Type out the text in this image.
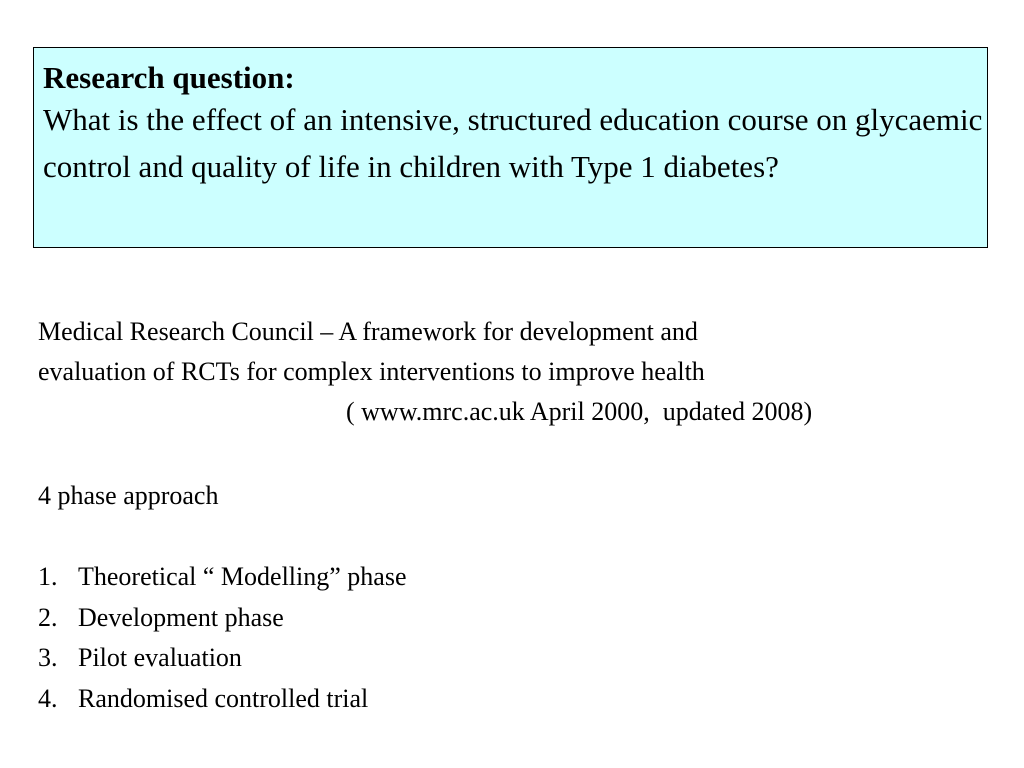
Research question:
What is the effect of an intensive, structured education course on glycaemic control and quality of life in children with Type 1 diabetes?
Medical Research Council – A framework for development and
evaluation of RCTs for complex interventions to improve health
( www.mrc.ac.uk April 2000,  updated 2008)
4 phase approach
1. Theoretical “ Modelling” phase
2. Development phase
3. Pilot evaluation
4. Randomised controlled trial
